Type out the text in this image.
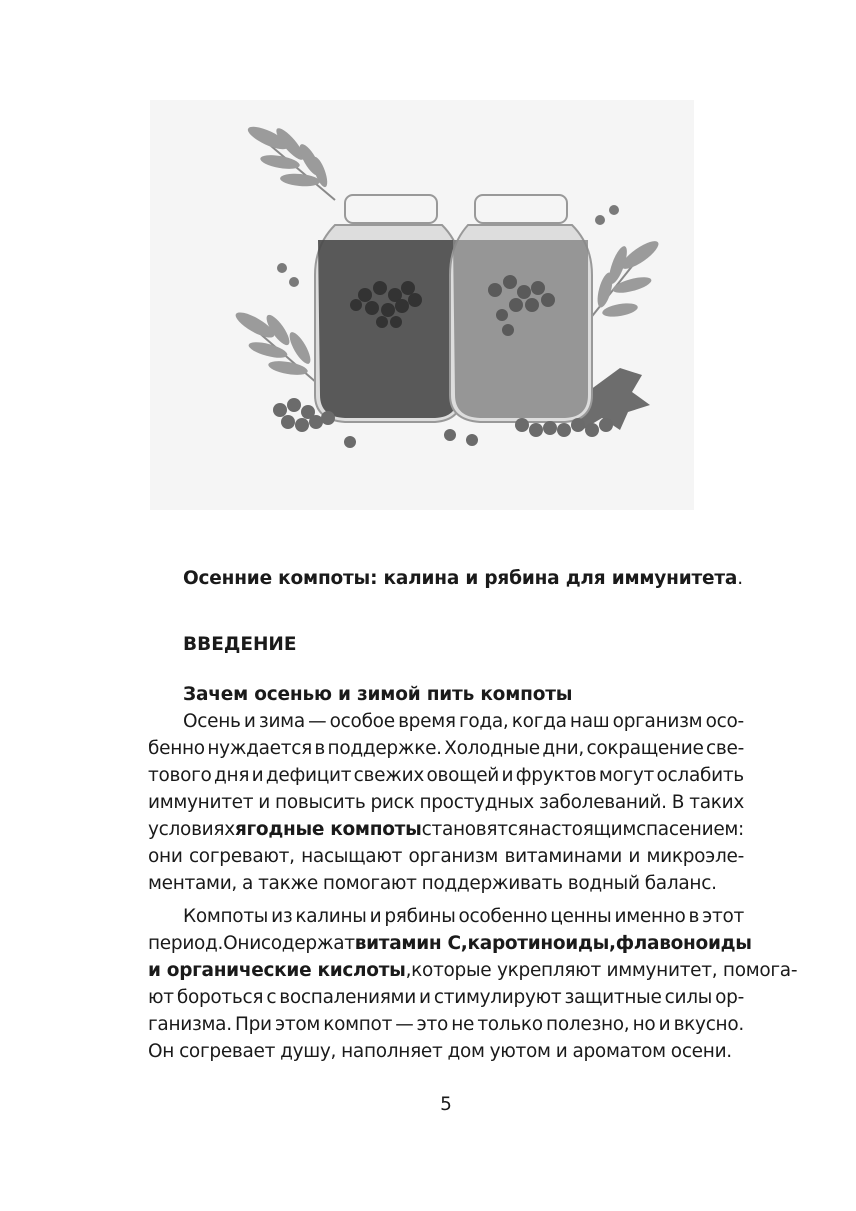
Осенние компоты: калина и рябина для иммунитета.
ВВЕДЕНИЕ
Зачем осенью и зимой пить компоты
Осень и зима — особое время года, когда наш организм осо-
бенно нуждается в поддержке. Холодные дни, сокращение све-
тового дня и дефицит свежих овощей и фруктов могут ослабить
иммунитет и повысить риск простудных заболеваний. В таких
условиях ягодные компоты становятся настоящим спасением:
они согревают, насыщают организм витаминами и микроэле-
ментами, а также помогают поддерживать водный баланс.
Компоты из калины и рябины особенно ценны именно в этот
период. Они содержат витамин С, каротиноиды, флавоноиды
и органические кислоты, которые укрепляют иммунитет, помога-
ют бороться с воспалениями и стимулируют защитные силы ор-
ганизма. При этом компот — это не только полезно, но и вкусно.
Он согревает душу, наполняет дом уютом и ароматом осени.
5
